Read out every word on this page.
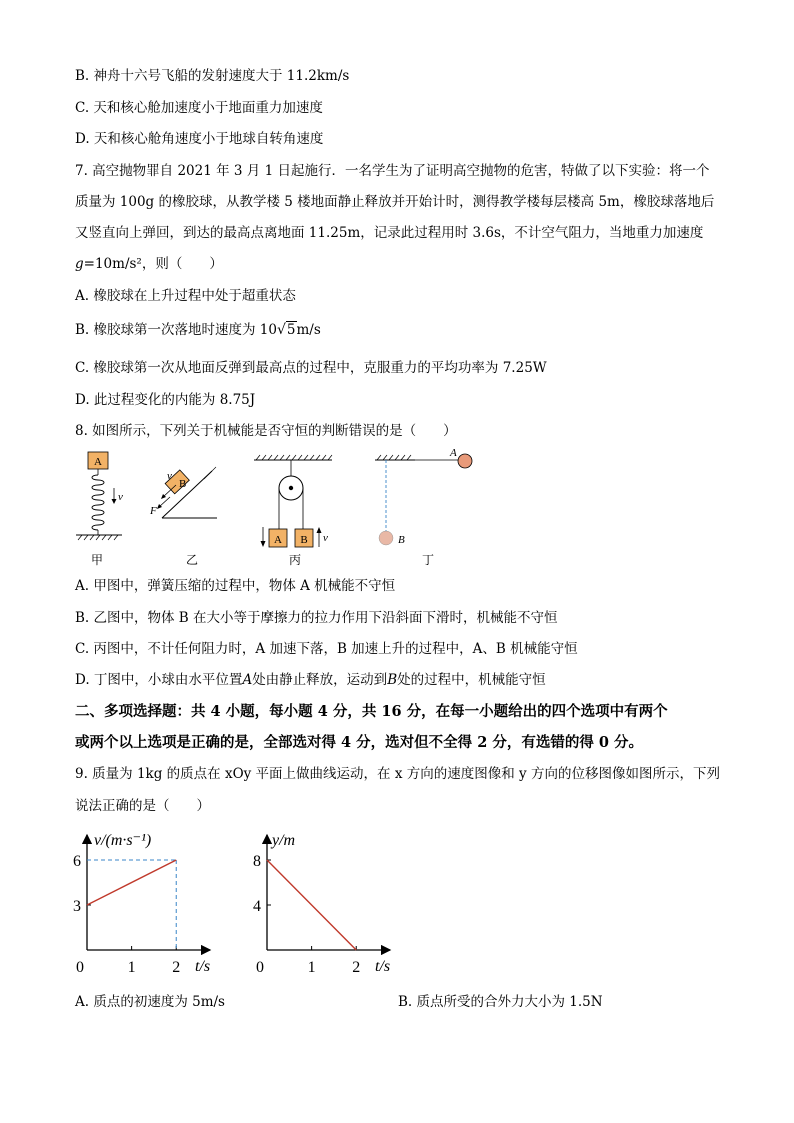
B. 神舟十六号飞船的发射速度大于 11.2km/s
C. 天和核心舱加速度小于地面重力加速度
D. 天和核心舱角速度小于地球自转角速度
7. 高空抛物罪自 2021 年 3 月 1 日起施行．一名学生为了证明高空抛物的危害，特做了以下实验：将一个
质量为 100g 的橡胶球，从教学楼 5 楼地面静止释放并开始计时，测得教学楼每层楼高 5m，橡胶球落地后
又竖直向上弹回，到达的最高点离地面 11.25m，记录此过程用时 3.6s，不计空气阻力，当地重力加速度
g=10m/s²，则（　　）
A. 橡胶球在上升过程中处于超重状态
B. 橡胶球第一次落地时速度为 10√5m/s
C. 橡胶球第一次从地面反弹到最高点的过程中，克服重力的平均功率为 7.25W
D. 此过程变化的内能为 8.75J
8. 如图所示，下列关于机械能是否守恒的判断错误的是（　　）
A
v
B
v
F
A B v
A
B
甲	乙	丙	丁
A. 甲图中，弹簧压缩的过程中，物体 A 机械能不守恒
B. 乙图中，物体 B 在大小等于摩擦力的拉力作用下沿斜面下滑时，机械能不守恒
C. 丙图中，不计任何阻力时，A 加速下落，B 加速上升的过程中，A、B 机械能守恒
D. 丁图中，小球由水平位置A处由静止释放，运动到B处的过程中，机械能守恒
二、多项选择题：共 4 小题，每小题 4 分，共 16 分，在每一小题给出的四个选项中有两个
或两个以上选项是正确的是，全部选对得 4 分，选对但不全得 2 分，有选错的得 0 分。
9. 质量为 1kg 的质点在 xOy 平面上做曲线运动，在 x 方向的速度图像和 y 方向的位移图像如图所示，下列
说法正确的是（　　）
0	1 2
3
6
v/(m·s⁻¹)
t/s	0	1 2
4
8
y/m
t/s
A. 质点的初速度为 5m/s	B. 质点所受的合外力大小为 1.5N
